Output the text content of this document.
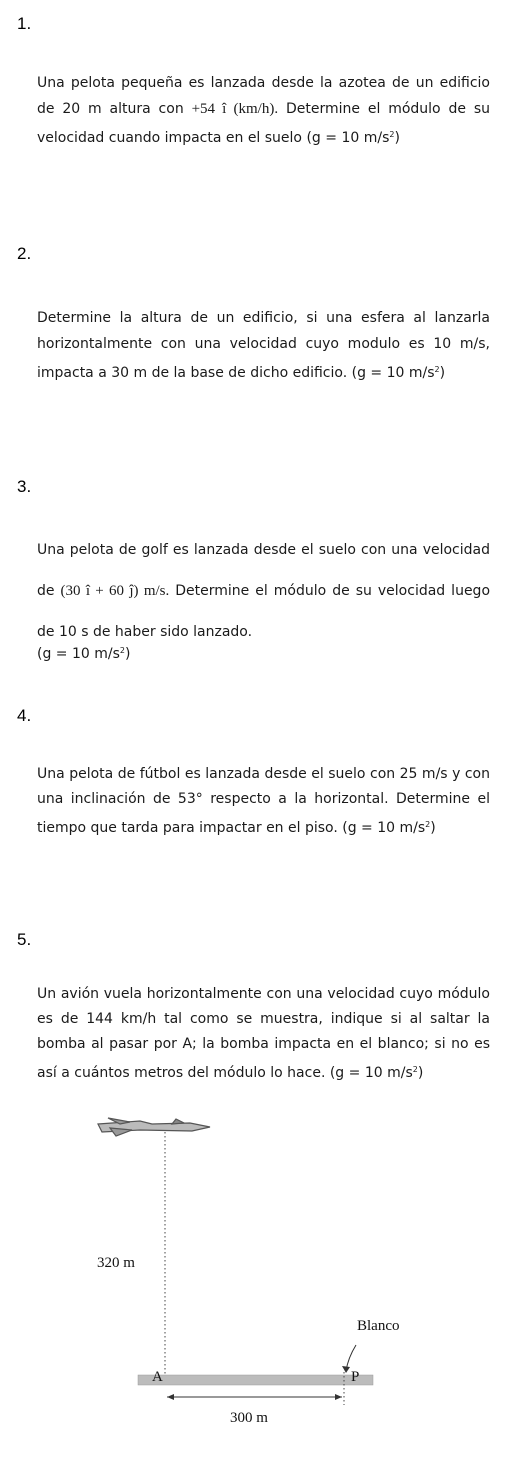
1.
Una pelota pequeña es lanzada desde la azotea de un edificio de 20 m altura con +54 î (km/h). Determine el módulo de su velocidad cuando impacta en el suelo (g = 10 $m/s^2$)
2.
Determine la altura de un edificio, si una esfera al lanzarla horizontalmente con una velocidad cuyo modulo es 10 m/s, impacta a 30 m de la base de dicho edificio. (g = 10 $m/s^2$)
3.
Una pelota de golf es lanzada desde el suelo con una velocidad de (30 î + 60 ĵ) m/s. Determine el módulo de su velocidad luego de 10 s de haber sido lanzado.
(g = 10 $m/s^2$)
4.
Una pelota de fútbol es lanzada desde el suelo con 25 m/s y con una inclinación de 53° respecto a la horizontal. Determine el tiempo que tarda para impactar en el piso. (g = 10 $m/s^2$)
5.
Un avión vuela horizontalmente con una velocidad cuyo módulo es de 144 km/h tal como se muestra, indique si al saltar la bomba al pasar por A; la bomba impacta en el blanco; si no es así a cuántos metros del módulo lo hace. (g = 10 $m/s^2$)
320 m
Blanco
A	P
300 m
